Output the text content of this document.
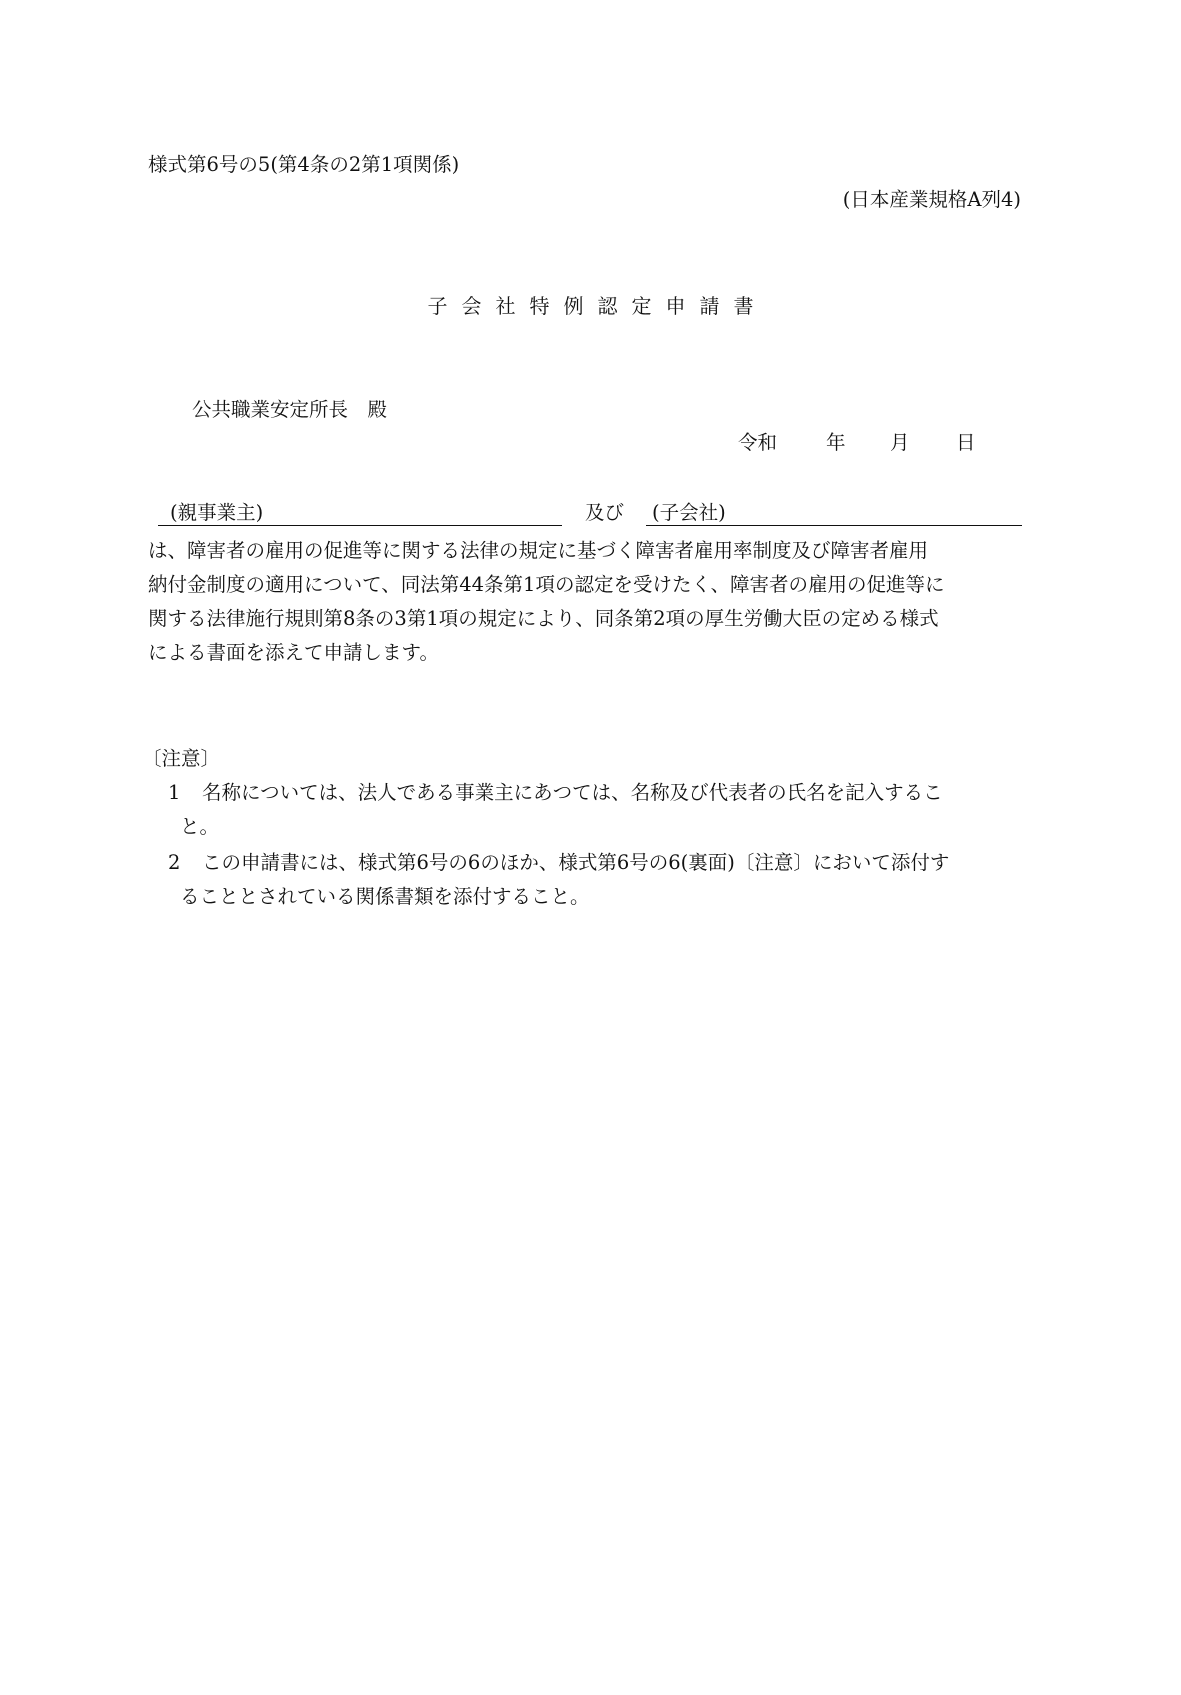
様式第6号の5(第4条の2第1項関係)
(日本産業規格A列4)
子会社特例認定申請書
公共職業安定所長　殿
令和	年 月 日
(親事業主)	及び (子会社)
は、障害者の雇用の促進等に関する法律の規定に基づく障害者雇用率制度及び障害者雇用
納付金制度の適用について、同法第44条第1項の認定を受けたく、障害者の雇用の促進等に
関する法律施行規則第8条の3第1項の規定により、同条第2項の厚生労働大臣の定める様式
による書面を添えて申請します。
〔注意〕
1	名称については、法人である事業主にあつては、名称及び代表者の氏名を記入するこ
と。
2	この申請書には、様式第6号の6のほか、様式第6号の6(裏面)〔注意〕において添付す
ることとされている関係書類を添付すること。
